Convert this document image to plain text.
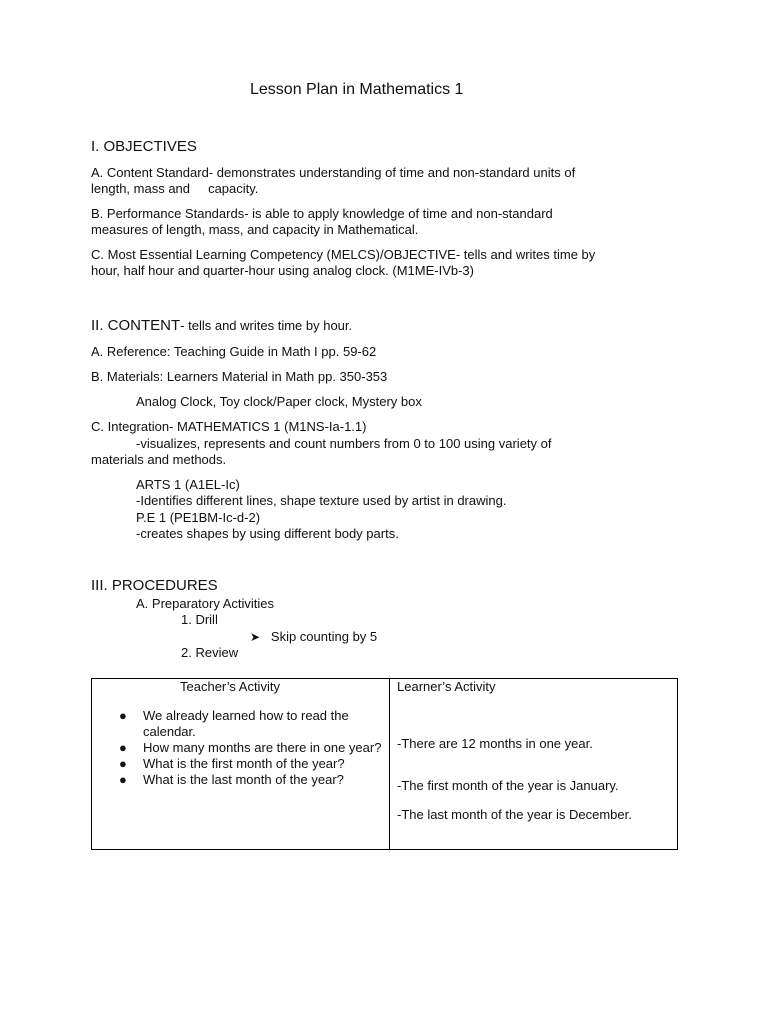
Lesson Plan in Mathematics 1

I. OBJECTIVES

A. Content Standard- demonstrates understanding of time and non-standard units of

length, mass and     capacity.

B. Performance Standards- is able to apply knowledge of time and non-standard

measures of length, mass, and capacity in Mathematical.

C. Most Essential Learning Competency (MELCS)/OBJECTIVE- tells and writes time by

hour, half hour and quarter-hour using analog clock. (M1ME-IVb-3)

II. CONTENT- tells and writes time by hour.

A. Reference: Teaching Guide in Math I pp. 59-62

B. Materials: Learners Material in Math pp. 350-353

Analog Clock, Toy clock/Paper clock, Mystery box

C. Integration- MATHEMATICS 1 (M1NS-Ia-1.1)

-visualizes, represents and count numbers from 0 to 100 using variety of

materials and methods.

ARTS 1 (A1EL-Ic)

-Identifies different lines, shape texture used by artist in drawing.

P.E 1 (PE1BM-Ic-d-2)

-creates shapes by using different body parts.

III. PROCEDURES

A. Preparatory Activities

1. Drill

➤ Skip counting by 5

2. Review

Teacher’s Activity	Learner’s Activity

● We already learned how to read the calendar.
● How many months are there in one year?
● What is the first month of the year?
● What is the last month of the year?

-There are 12 months in one year.

-The first month of the year is January.

-The last month of the year is December.
